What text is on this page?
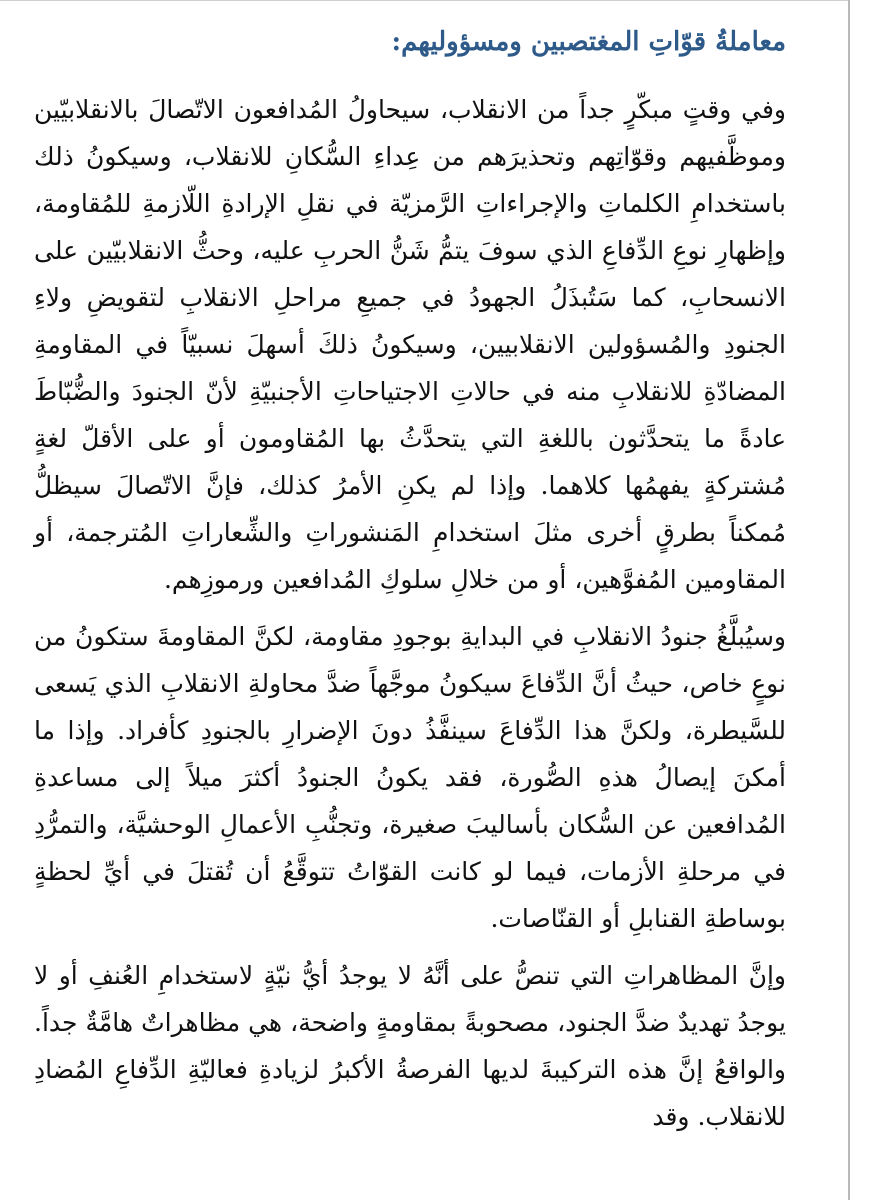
معاملةُ قوّاتِ المغتصبين ومسؤوليهم:

وفي وقتٍ مبكّرٍ جداً من الانقلاب، سيحاولُ المُدافعون الاتّصالَ بالانقلابيّين وموظَّفيهم وقوّاتِهم وتحذيرَهم من عِداءِ السُّكانِ للانقلاب، وسيكونُ ذلك باستخدامِ الكلماتِ والإجراءاتِ الرَّمزيّة في نقلِ الإرادةِ اللّازمةِ للمُقاومة، وإظهارِ نوعِ الدِّفاعِ الذي سوفَ يتمُّ شَنُّ الحربِ عليه، وحثُّ الانقلابيّين على الانسحابِ، كما سَتُبذَلُ الجهودُ في جميعِ مراحلِ الانقلابِ لتقويضِ ولاءِ الجنودِ والمُسؤولين الانقلابيين، وسيكونُ ذلكَ أسهلَ نسبيّاً في المقاومةِ المضادّةِ للانقلابِ منه في حالاتِ الاجتياحاتِ الأجنبيّةِ لأنّ الجنودَ والضُّبّاطَ عادةً ما يتحدَّثون باللغةِ التي يتحدَّثُ بها المُقاومون أو على الأقلّ لغةٍ مُشتركةٍ يفهمُها كلاهما. وإذا لم يكنِ الأمرُ كذلك، فإنَّ الاتّصالَ سيظلُّ مُمكناً بطرقٍ أخرى مثلَ استخدامِ المَنشوراتِ والشِّعاراتِ المُترجمة، أو المقاومين المُفوَّهين، أو من خلالِ سلوكِ المُدافعين ورموزِهم.

وسيُبلَّغُ جنودُ الانقلابِ في البدايةِ بوجودِ مقاومة، لكنَّ المقاومةَ ستكونُ من نوعٍ خاص، حيثُ أنَّ الدِّفاعَ سيكونُ موجَّهاً ضدَّ محاولةِ الانقلابِ الذي يَسعى للسَّيطرة، ولكنَّ هذا الدِّفاعَ سينفَّذُ دونَ الإضرارِ بالجنودِ كأفراد. وإذا ما أمكنَ إيصالُ هذهِ الصُّورة، فقد يكونُ الجنودُ أكثرَ ميلاً إلى مساعدةِ المُدافعين عن السُّكان بأساليبَ صغيرة، وتجنُّبِ الأعمالِ الوحشيَّة، والتمرُّدِ في مرحلةِ الأزمات، فيما لو كانت القوّاتُ تتوقَّعُ أن تُقتلَ في أيِّ لحظةٍ بوساطةِ القنابلِ أو القنّاصات.

وإنَّ المظاهراتِ التي تنصُّ على أنَّهُ لا يوجدُ أيُّ نيّةٍ لاستخدامِ العُنفِ أو لا يوجدُ تهديدٌ ضدَّ الجنود، مصحوبةً بمقاومةٍ واضحة، هي مظاهراتٌ هامَّةٌ جداً. والواقعُ إنَّ هذه التركيبةَ لديها الفرصةُ الأكبرُ لزيادةِ فعاليّةِ الدِّفاعِ المُضادِ للانقلاب. وقد
